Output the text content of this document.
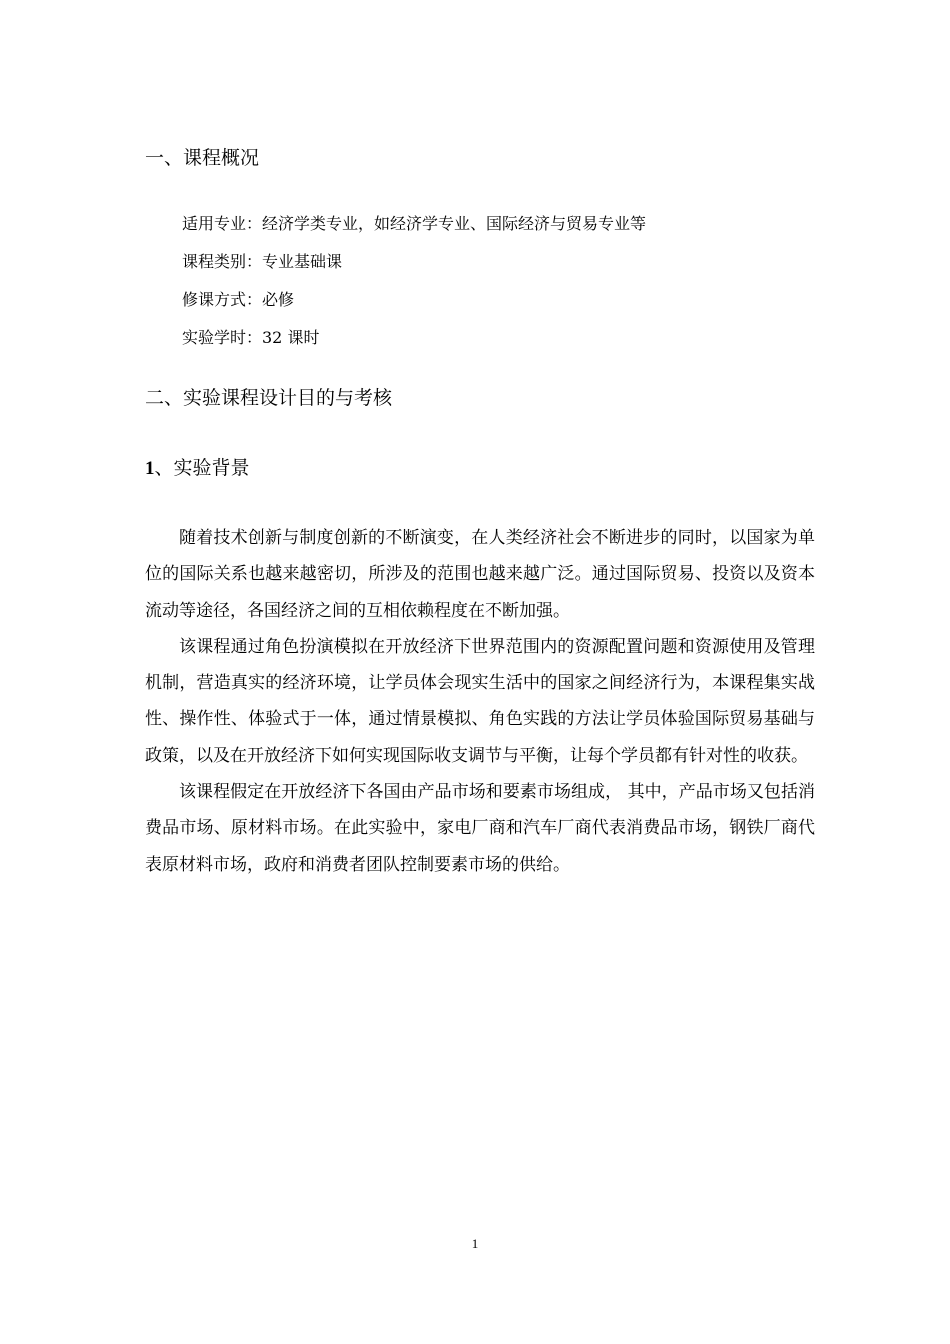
一、课程概况
适用专业：经济学类专业，如经济学专业、国际经济与贸易专业等
课程类别：专业基础课
修课方式：必修
实验学时：32 课时
二、实验课程设计目的与考核
1、实验背景

随着技术创新与制度创新的不断演变，在人类经济社会不断进步的同时，以国家为单位的国际关系也越来越密切，所涉及的范围也越来越广泛。通过国际贸易、投资以及资本流动等途径，各国经济之间的互相依赖程度在不断加强。

该课程通过角色扮演模拟在开放经济下世界范围内的资源配置问题和资源使用及管理机制，营造真实的经济环境，让学员体会现实生活中的国家之间经济行为，本课程集实战性、操作性、体验式于一体，通过情景模拟、角色实践的方法让学员体验国际贸易基础与政策，以及在开放经济下如何实现国际收支调节与平衡，让每个学员都有针对性的收获。

该课程假定在开放经济下各国由产品市场和要素市场组成， 其中，产品市场又包括消费品市场、原材料市场。在此实验中，家电厂商和汽车厂商代表消费品市场，钢铁厂商代表原材料市场，政府和消费者团队控制要素市场的供给。

1
